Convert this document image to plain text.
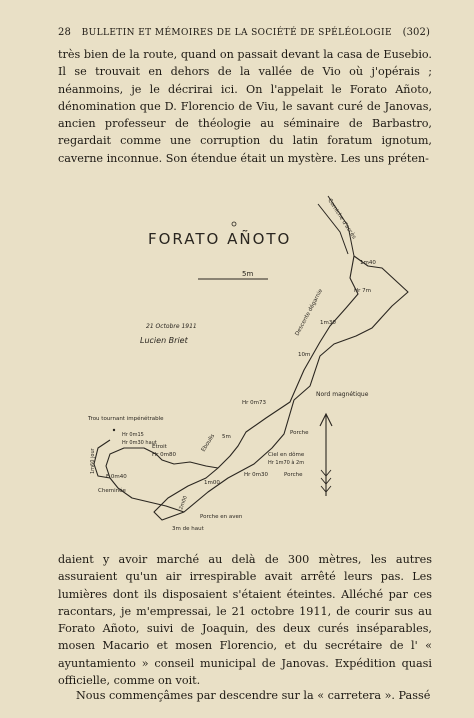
28 BULLETIN ET MÉMOIRES DE LA SOCIÉTÉ DE SPÉLÉOLOGIE (302)

très bien de la route, quand on passait devant la casa de Eusebio. Il se trouvait en dehors de la vallée de Vio où j'opérais ; néanmoins, je le décrirai ici. On l'appelait le Forato Añoto, dénomination que D. Florencio de Viu, le savant curé de Janovas, ancien professeur de théologie au séminaire de Barbastro, regardait comme une corruption du latin foratum ignotum, caverne inconnue. Son étendue était un mystère. Les uns préten-

FORATO AÑOTO
5m
21 Octobre 1911
Lucien Briet
Corniche d'accès
1m40
Hr 7m
1m30
Descente dégarnie
10m
Hr 0m73
Porche
Eboulis 5m
Ciel en dôme
Hr 1m70 à 2m
Hr 0m30	Porche
1m00
Trou tournant impénétrable
Hr 0m15
Hr 0m30 haut
Etroit
Hr 0m80
F 0m40
1m60 jour
Cheminée
2m00
Porche en aven
3m de haut
Nord magnétique

daient y avoir marché au delà de 300 mètres, les autres assuraient qu'un air irrespirable avait arrêté leurs pas. Les lumières dont ils disposaient s'étaient éteintes. Alléché par ces racontars, je m'empressai, le 21 octobre 1911, de courir sus au Forato Añoto, suivi de Joaquin, des deux curés inséparables, mosen Macario et mosen Florencio, et du secrétaire de l' « ayuntamiento » conseil municipal de Janovas. Expédition quasi officielle, comme on voit.

Nous commençâmes par descendre sur la « carretera ». Passé
